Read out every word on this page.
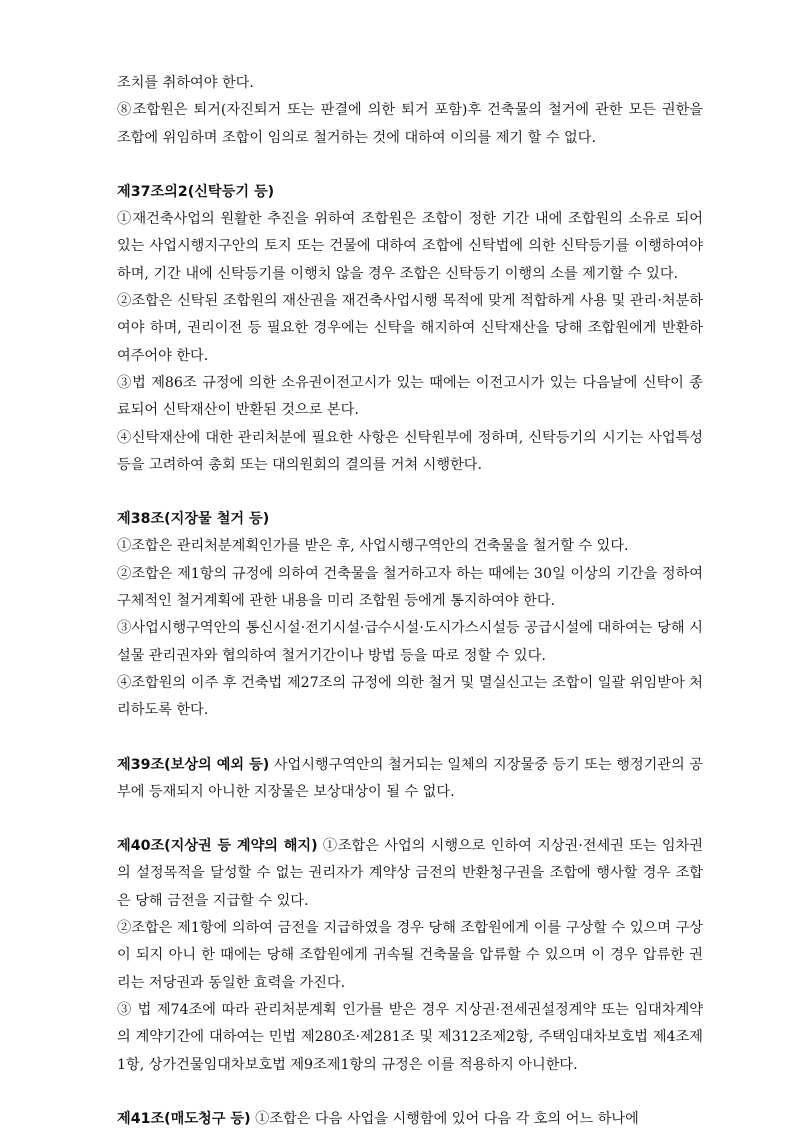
조치를 취하여야 한다.

⑧조합원은 퇴거(자진퇴거 또는 판결에 의한 퇴거 포함)후 건축물의 철거에 관한 모든 권한을 조합에 위임하며 조합이 임의로 철거하는 것에 대하여 이의를 제기 할 수 없다.

제37조의2(신탁등기 등)

①재건축사업의 원활한 추진을 위하여 조합원은 조합이 정한 기간 내에 조합원의 소유로 되어 있는 사업시행지구안의 토지 또는 건물에 대하여 조합에 신탁법에 의한 신탁등기를 이행하여야 하며, 기간 내에 신탁등기를 이행치 않을 경우 조합은 신탁등기 이행의 소를 제기할 수 있다.

②조합은 신탁된 조합원의 재산권을 재건축사업시행 목적에 맞게 적합하게 사용 및 관리·처분하여야 하며, 권리이전 등 필요한 경우에는 신탁을 해지하여 신탁재산을 당해 조합원에게 반환하여주어야 한다.

③법 제86조 규정에 의한 소유권이전고시가 있는 때에는 이전고시가 있는 다음날에 신탁이 종료되어 신탁재산이 반환된 것으로 본다.

④신탁재산에 대한 관리처분에 필요한 사항은 신탁원부에 정하며, 신탁등기의 시기는 사업특성 등을 고려하여 총회 또는 대의원회의 결의를 거쳐 시행한다.

제38조(지장물 철거 등)

①조합은 관리처분계획인가를 받은 후, 사업시행구역안의 건축물을 철거할 수 있다.

②조합은 제1항의 규정에 의하여 건축물을 철거하고자 하는 때에는 30일 이상의 기간을 정하여 구체적인 철거계획에 관한 내용을 미리 조합원 등에게 통지하여야 한다.

③사업시행구역안의 통신시설·전기시설·급수시설·도시가스시설등 공급시설에 대하여는 당해 시설물 관리권자와 협의하여 철거기간이나 방법 등을 따로 정할 수 있다.

④조합원의 이주 후 건축법 제27조의 규정에 의한 철거 및 멸실신고는 조합이 일괄 위임받아 처리하도록 한다.

제39조(보상의 예외 등) 사업시행구역안의 철거되는 일체의 지장물중 등기 또는 행정기관의 공부에 등재되지 아니한 지장물은 보상대상이 될 수 없다.

제40조(지상권 등 계약의 해지) ①조합은 사업의 시행으로 인하여 지상권·전세권 또는 임차권의 설정목적을 달성할 수 없는 권리자가 계약상 금전의 반환청구권을 조합에 행사할 경우 조합은 당해 금전을 지급할 수 있다.

②조합은 제1항에 의하여 금전을 지급하였을 경우 당해 조합원에게 이를 구상할 수 있으며 구상이 되지 아니 한 때에는 당해 조합원에게 귀속될 건축물을 압류할 수 있으며 이 경우 압류한 권리는 저당권과 동일한 효력을 가진다.

③ 법 제74조에 따라 관리처분계획 인가를 받은 경우 지상권·전세권설정계약 또는 임대차계약의 계약기간에 대하여는 민법 제280조·제281조 및 제312조제2항, 주택임대차보호법 제4조제1항, 상가건물임대차보호법 제9조제1항의 규정은 이를 적용하지 아니한다.

제41조(매도청구 등) ①조합은 다음 사업을 시행함에 있어 다음 각 호의 어느 하나에
